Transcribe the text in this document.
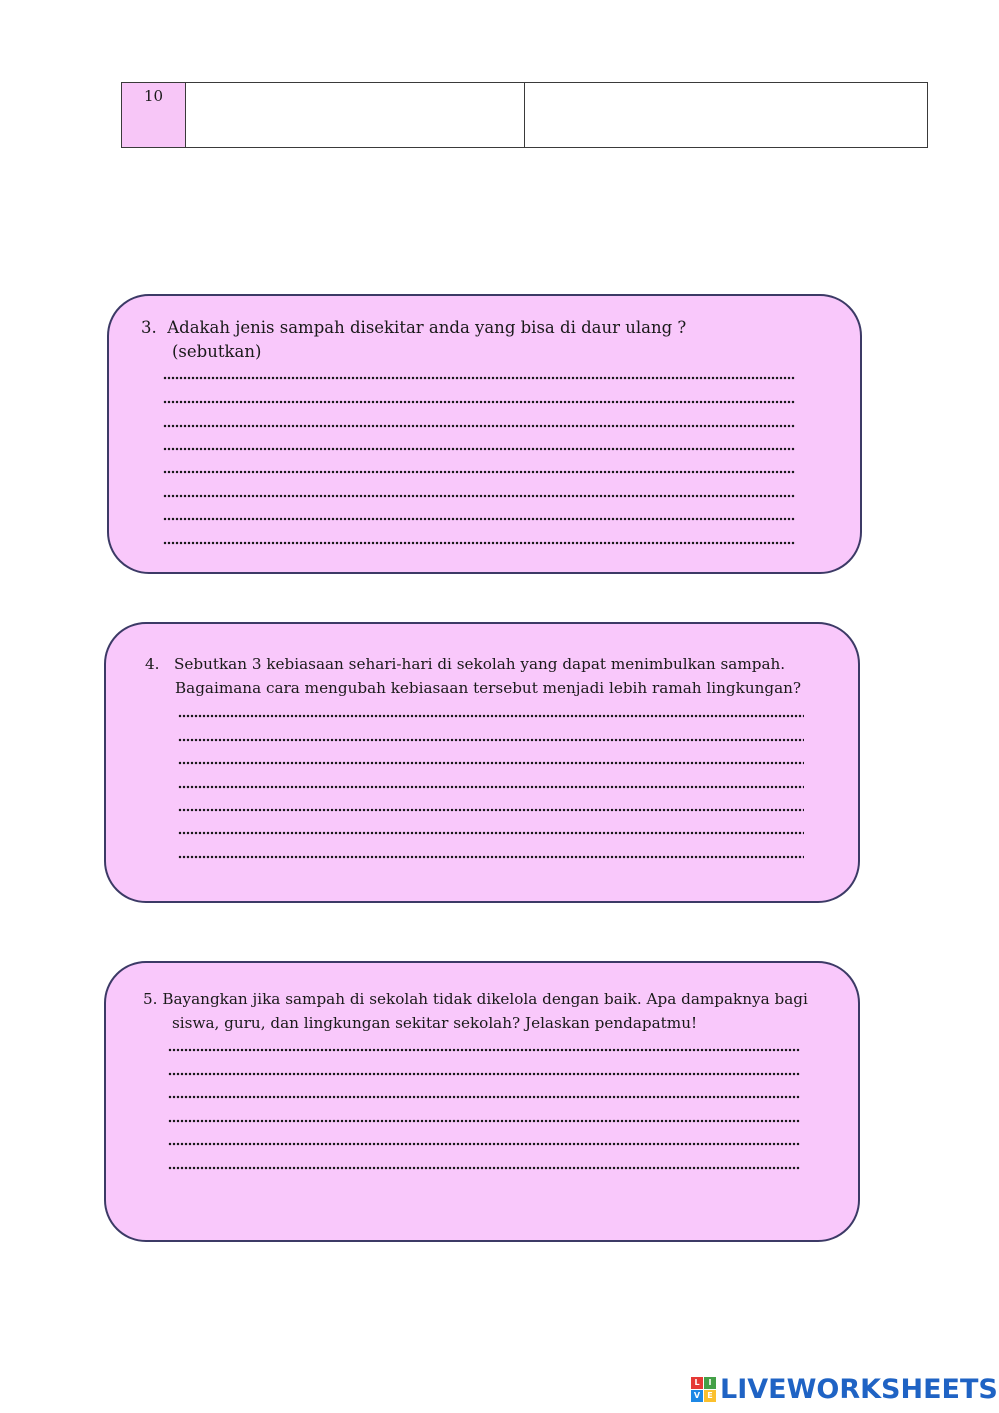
10
3.  Adakah jenis sampah disekitar anda yang bisa di daur ulang ?
(sebutkan)
4.   Sebutkan 3 kebiasaan sehari-hari di sekolah yang dapat menimbulkan sampah.
Bagaimana cara mengubah kebiasaan tersebut menjadi lebih ramah lingkungan?
5. Bayangkan jika sampah di sekolah tidak dikelola dengan baik. Apa dampaknya bagi
siswa, guru, dan lingkungan sekitar sekolah? Jelaskan pendapatmu!
L	I
V E LIVEWORKSHEETS
